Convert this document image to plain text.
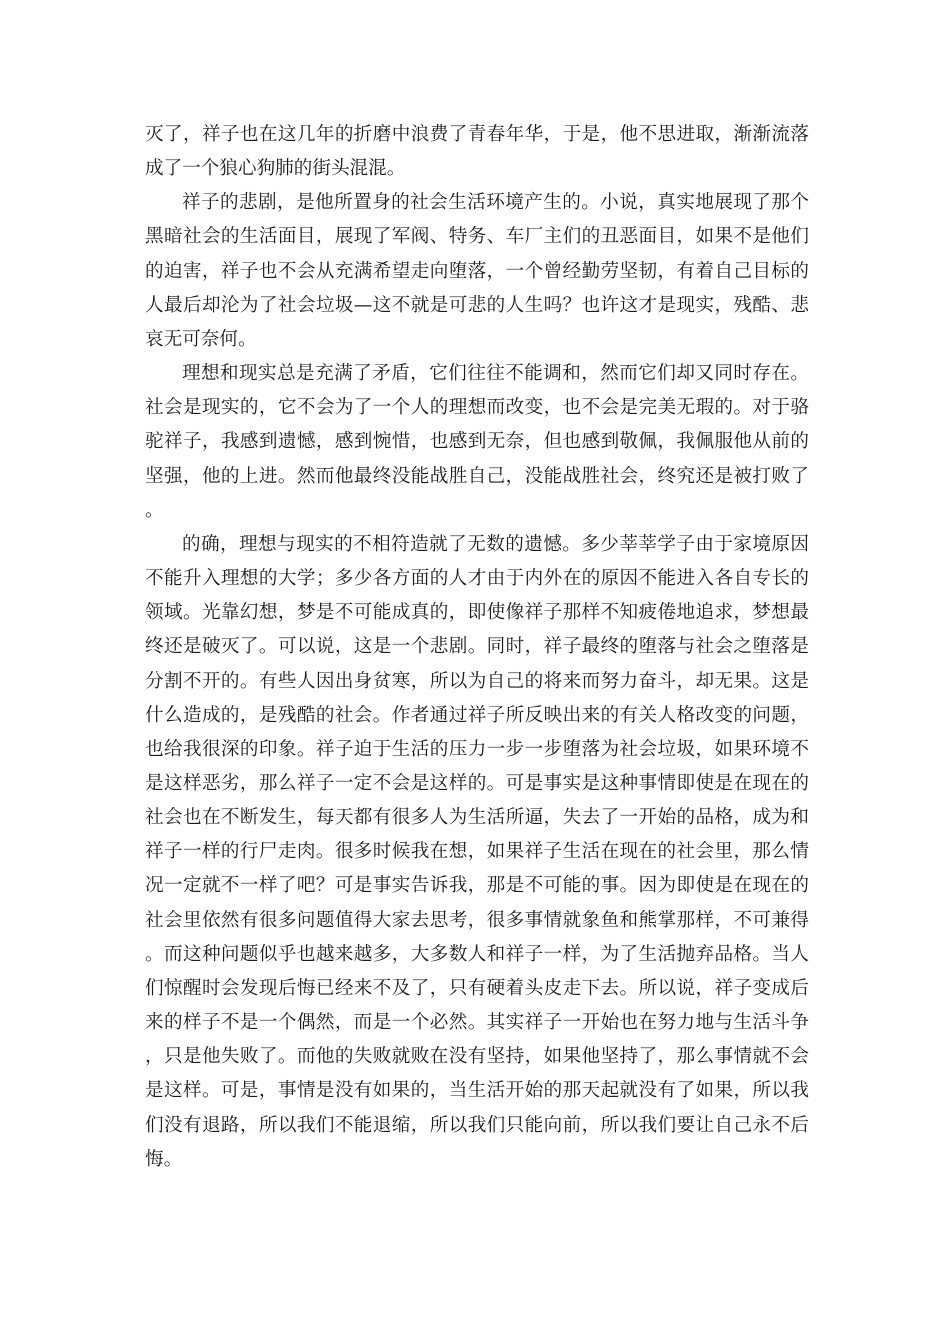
灭了，祥子也在这几年的折磨中浪费了青春年华，于是，他不思进取，渐渐流落成了一个狼心狗肺的街头混混。

祥子的悲剧，是他所置身的社会生活环境产生的。小说，真实地展现了那个黑暗社会的生活面目，展现了军阀、特务、车厂主们的丑恶面目，如果不是他们的迫害，祥子也不会从充满希望走向堕落，一个曾经勤劳坚韧，有着自己目标的人最后却沦为了社会垃圾—这不就是可悲的人生吗？也许这才是现实，残酷、悲哀无可奈何。

理想和现实总是充满了矛盾，它们往往不能调和，然而它们却又同时存在。社会是现实的，它不会为了一个人的理想而改变，也不会是完美无瑕的。对于骆驼祥子，我感到遗憾，感到惋惜，也感到无奈，但也感到敬佩，我佩服他从前的坚强，他的上进。然而他最终没能战胜自己，没能战胜社会，终究还是被打败了。

的确，理想与现实的不相符造就了无数的遗憾。多少莘莘学子由于家境原因不能升入理想的大学；多少各方面的人才由于内外在的原因不能进入各自专长的领域。光靠幻想，梦是不可能成真的，即使像祥子那样不知疲倦地追求，梦想最终还是破灭了。可以说，这是一个悲剧。同时，祥子最终的堕落与社会之堕落是分割不开的。有些人因出身贫寒，所以为自己的将来而努力奋斗，却无果。这是什么造成的，是残酷的社会。作者通过祥子所反映出来的有关人格改变的问题，也给我很深的印象。祥子迫于生活的压力一步一步堕落为社会垃圾，如果环境不是这样恶劣，那么祥子一定不会是这样的。可是事实是这种事情即使是在现在的社会也在不断发生，每天都有很多人为生活所逼，失去了一开始的品格，成为和祥子一样的行尸走肉。很多时候我在想，如果祥子生活在现在的社会里，那么情况一定就不一样了吧？可是事实告诉我，那是不可能的事。因为即使是在现在的社会里依然有很多问题值得大家去思考，很多事情就象鱼和熊掌那样，不可兼得。而这种问题似乎也越来越多，大多数人和祥子一样，为了生活抛弃品格。当人们惊醒时会发现后悔已经来不及了，只有硬着头皮走下去。所以说，祥子变成后来的样子不是一个偶然，而是一个必然。其实祥子一开始也在努力地与生活斗争，只是他失败了。而他的失败就败在没有坚持，如果他坚持了，那么事情就不会是这样。可是，事情是没有如果的，当生活开始的那天起就没有了如果，所以我们没有退路，所以我们不能退缩，所以我们只能向前，所以我们要让自己永不后悔。
